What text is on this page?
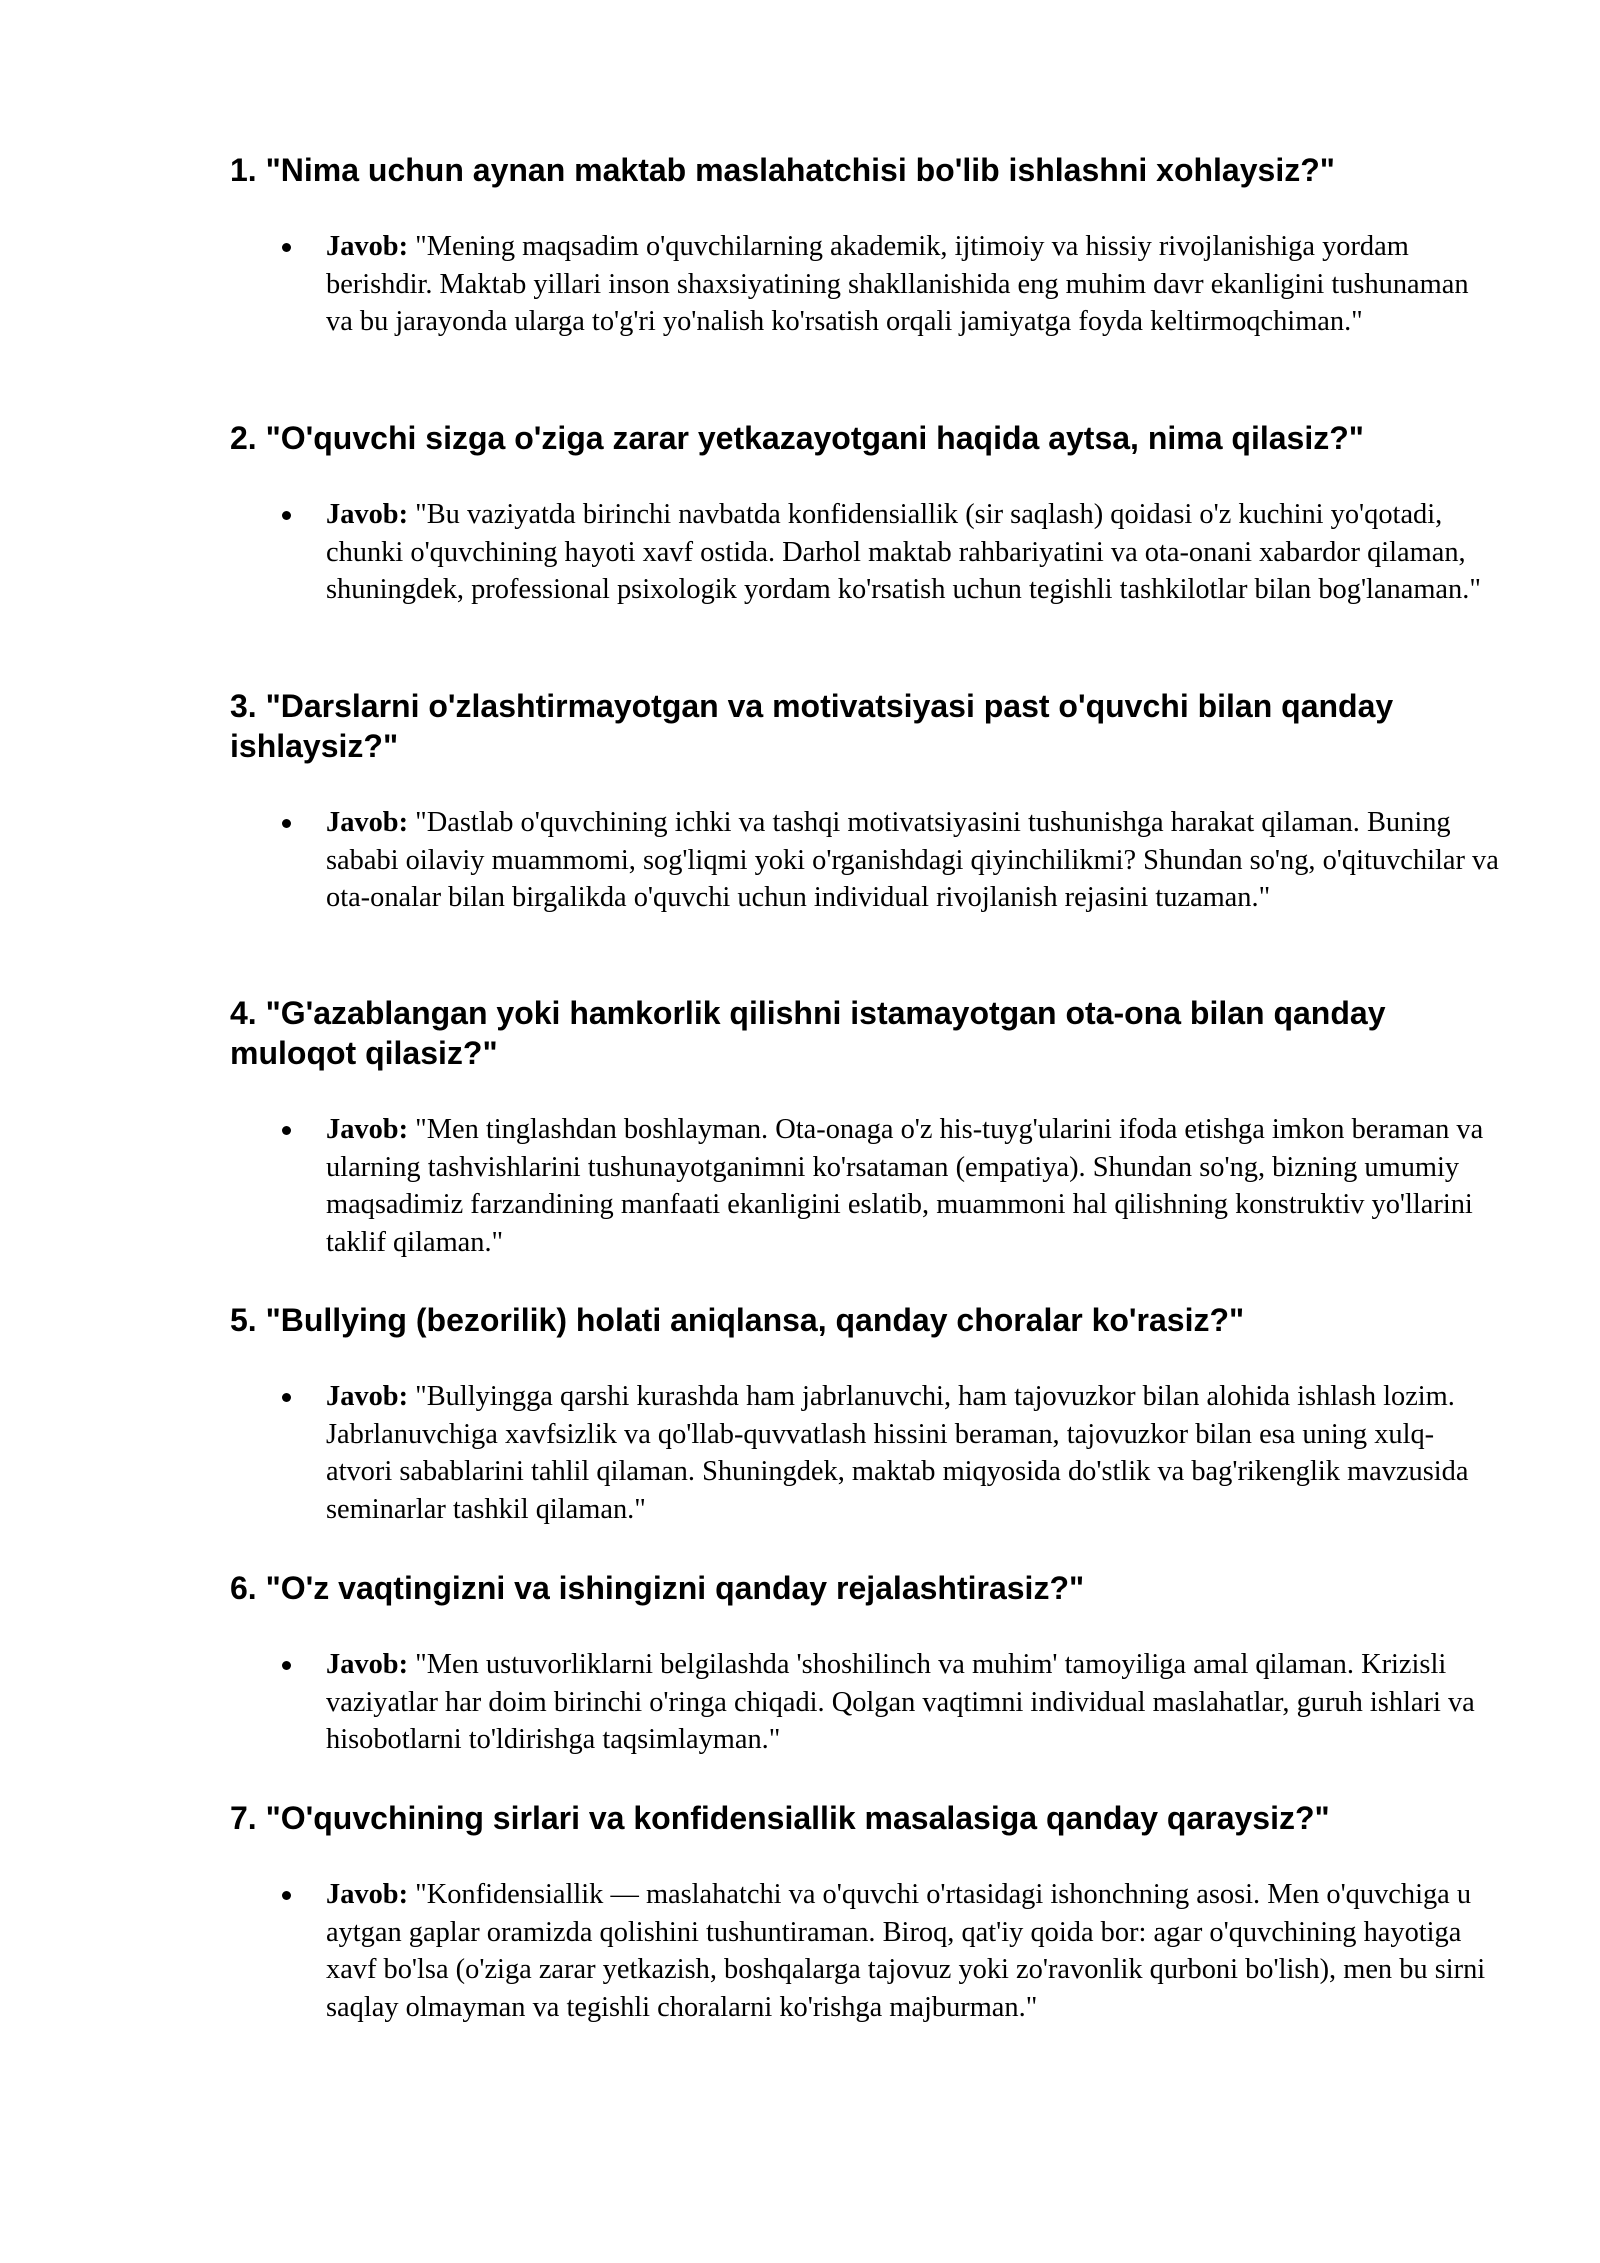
1. "Nima uchun aynan maktab maslahatchisi bo'lib ishlashni xohlaysiz?"
Javob: "Mening maqsadim o'quvchilarning akademik, ijtimoiy va hissiy rivojlanishiga yordam berishdir. Maktab yillari inson shaxsiyatining shakllanishida eng muhim davr ekanligini tushunaman va bu jarayonda ularga to'g'ri yo'nalish ko'rsatish orqali jamiyatga foyda keltirmoqchiman."
2. "O'quvchi sizga o'ziga zarar yetkazayotgani haqida aytsa, nima qilasiz?"
Javob: "Bu vaziyatda birinchi navbatda konfidensiallik (sir saqlash) qoidasi o'z kuchini yo'qotadi, chunki o'quvchining hayoti xavf ostida. Darhol maktab rahbariyatini va ota-onani xabardor qilaman, shuningdek, professional psixologik yordam ko'rsatish uchun tegishli tashkilotlar bilan bog'lanaman."
3. "Darslarni o'zlashtirmayotgan va motivatsiyasi past o'quvchi bilan qanday ishlaysiz?"
Javob: "Dastlab o'quvchining ichki va tashqi motivatsiyasini tushunishga harakat qilaman. Buning sababi oilaviy muammomi, sog'liqmi yoki o'rganishdagi qiyinchilikmi? Shundan so'ng, o'qituvchilar va ota-onalar bilan birgalikda o'quvchi uchun individual rivojlanish rejasini tuzaman."
4. "G'azablangan yoki hamkorlik qilishni istamayotgan ota-ona bilan qanday muloqot qilasiz?"
Javob: "Men tinglashdan boshlayman. Ota-onaga o'z his-tuyg'ularini ifoda etishga imkon beraman va ularning tashvishlarini tushunayotganimni ko'rsataman (empatiya). Shundan so'ng, bizning umumiy maqsadimiz farzandining manfaati ekanligini eslatib, muammoni hal qilishning konstruktiv yo'llarini taklif qilaman."
5. "Bullying (bezorilik) holati aniqlansa, qanday choralar ko'rasiz?"
Javob: "Bullyingga qarshi kurashda ham jabrlanuvchi, ham tajovuzkor bilan alohida ishlash lozim. Jabrlanuvchiga xavfsizlik va qo'llab-quvvatlash hissini beraman, tajovuzkor bilan esa uning xulq-atvori sabablarini tahlil qilaman. Shuningdek, maktab miqyosida do'stlik va bag'rikenglik mavzusida seminarlar tashkil qilaman."
6. "O'z vaqtingizni va ishingizni qanday rejalashtirasiz?"
Javob: "Men ustuvorliklarni belgilashda 'shoshilinch va muhim' tamoyiliga amal qilaman. Krizisli vaziyatlar har doim birinchi o'ringa chiqadi. Qolgan vaqtimni individual maslahatlar, guruh ishlari va hisobotlarni to'ldirishga taqsimlayman."
7. "O'quvchining sirlari va konfidensiallik masalasiga qanday qaraysiz?"
Javob: "Konfidensiallik — maslahatchi va o'quvchi o'rtasidagi ishonchning asosi. Men o'quvchiga u aytgan gaplar oramizda qolishini tushuntiraman. Biroq, qat'iy qoida bor: agar o'quvchining hayotiga xavf bo'lsa (o'ziga zarar yetkazish, boshqalarga tajovuz yoki zo'ravonlik qurboni bo'lish), men bu sirni saqlay olmayman va tegishli choralarni ko'rishga majburman."
